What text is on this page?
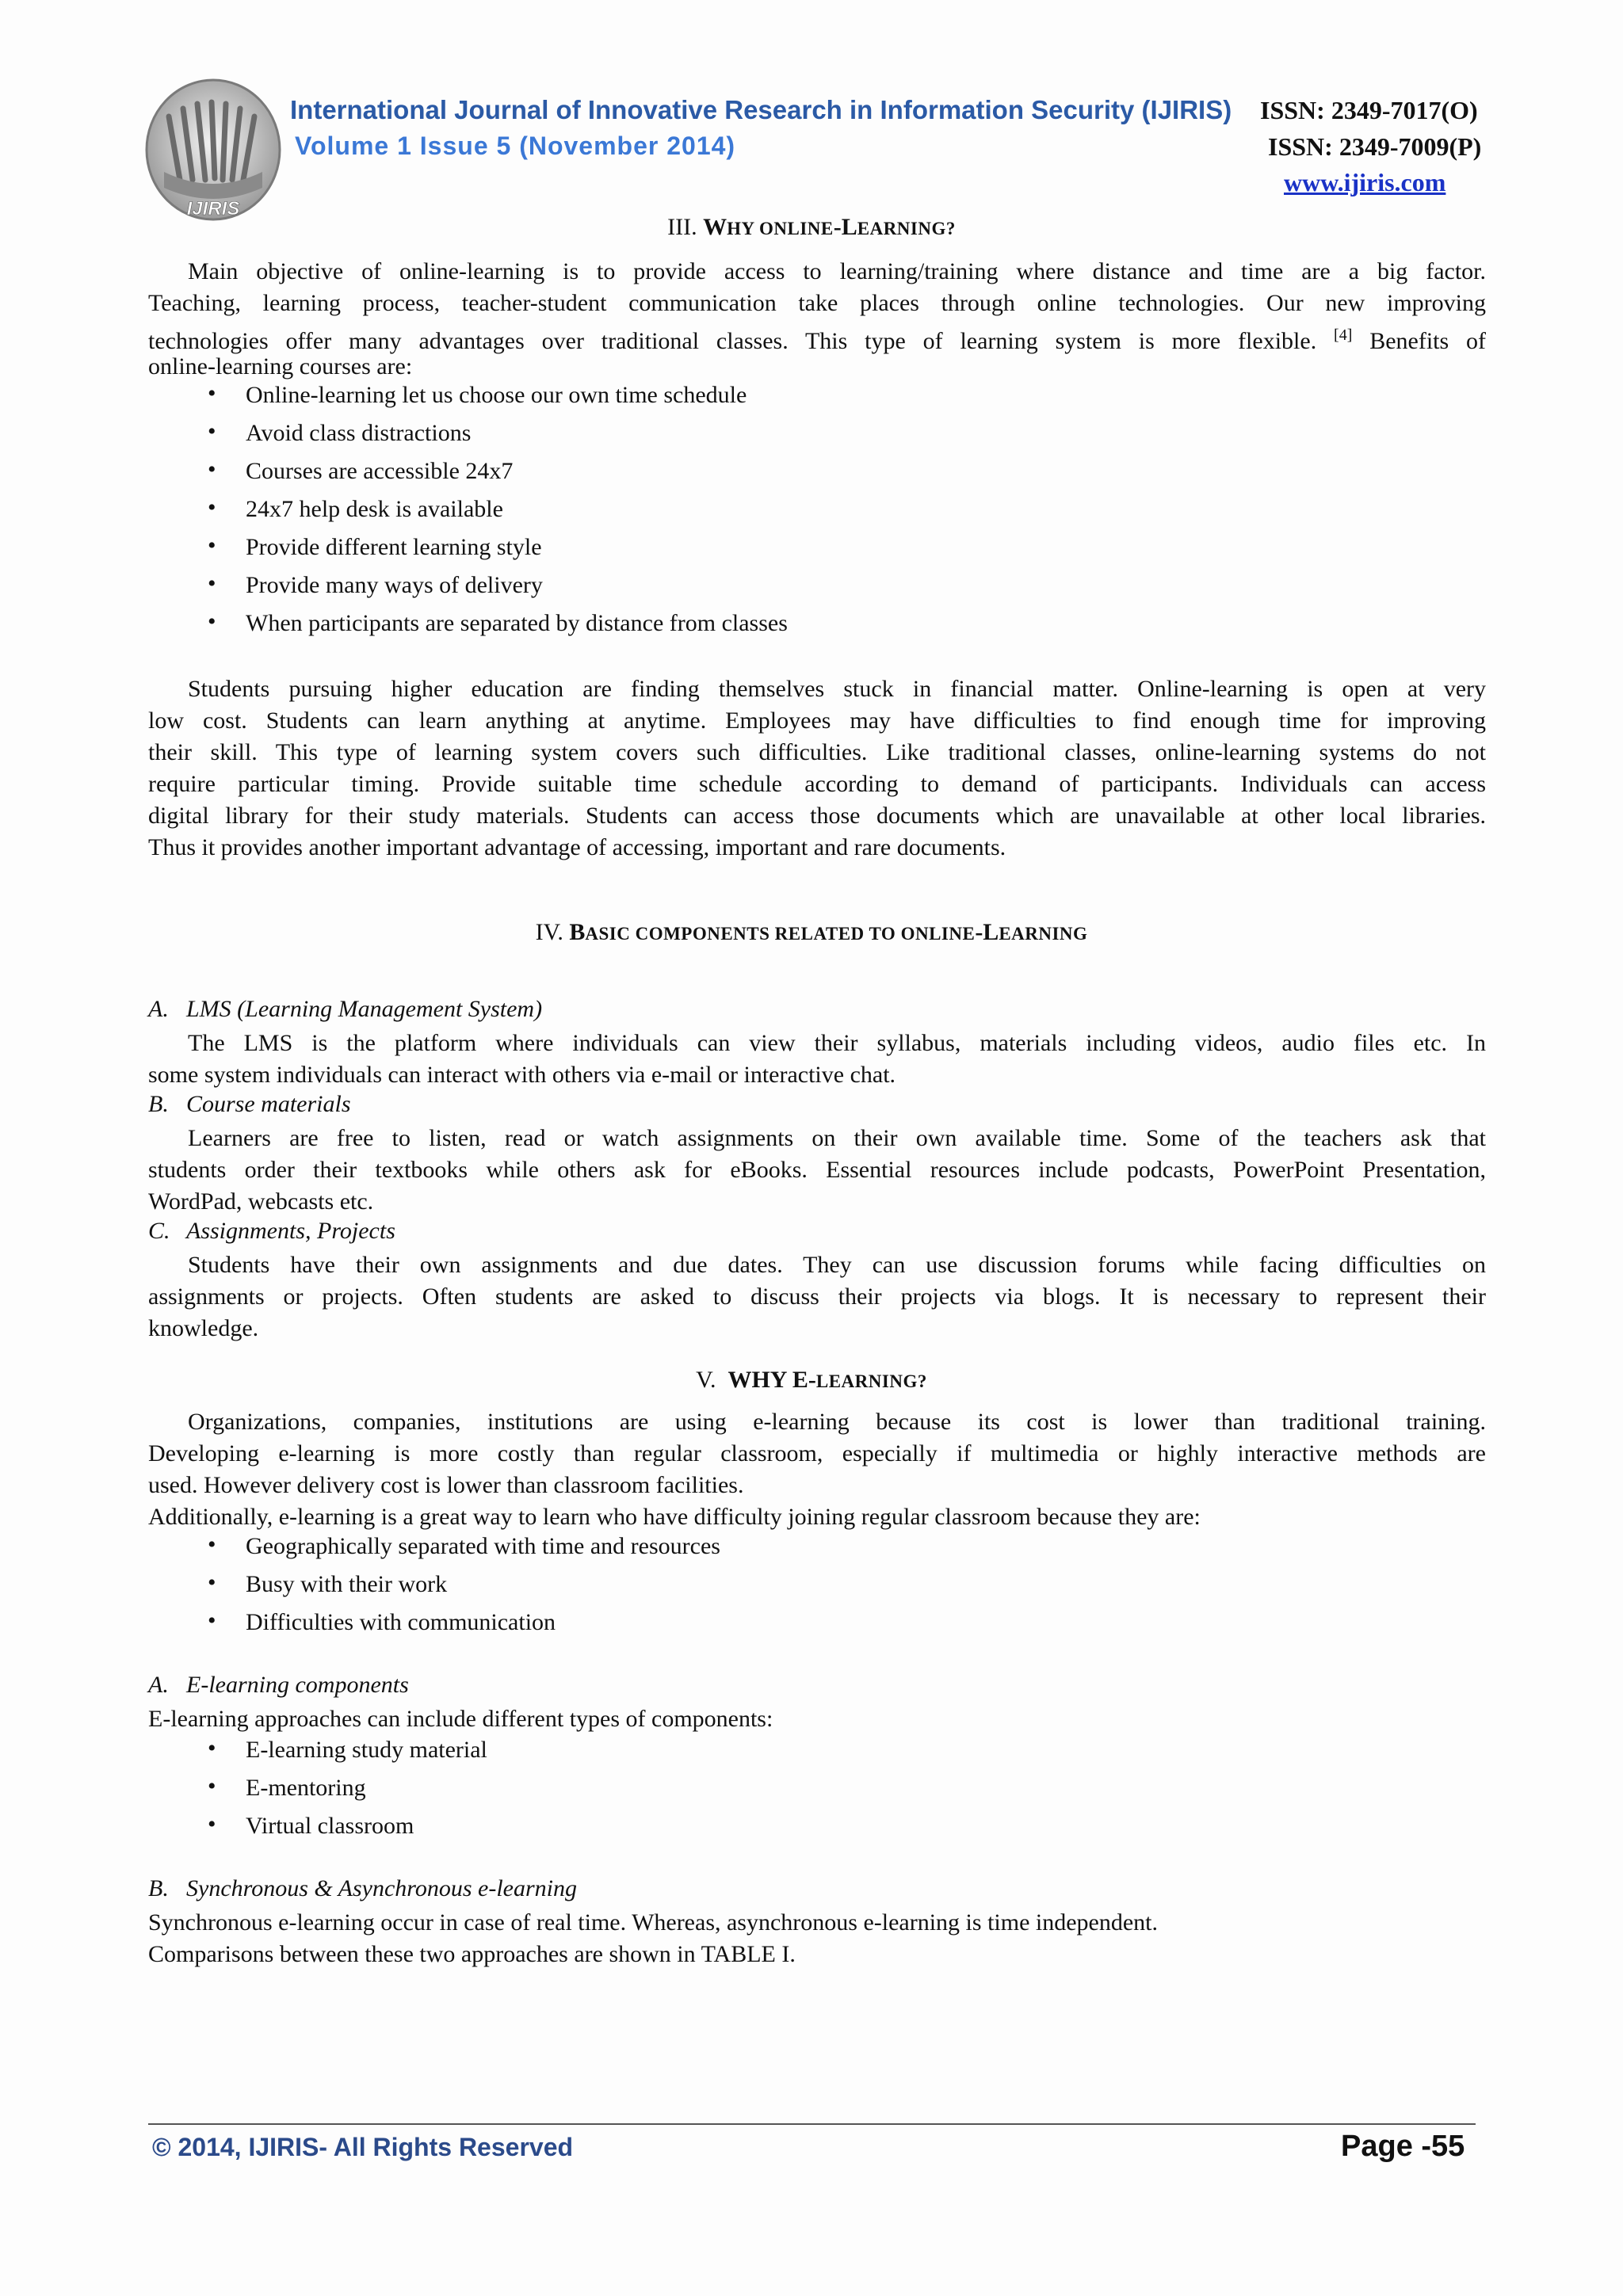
IJIRIS
International Journal of Innovative Research in Information Security (IJIRIS) ISSN: 2349-7017(O)
Volume 1 Issue 5 (November 2014)	ISSN: 2349-7009(P)
www.ijiris.com
III. WHY ONLINE-LEARNING?
Main objective of online-learning is to provide access to learning/training where distance and time are a big factor.
Teaching, learning process, teacher-student communication take places through online technologies. Our new improving
technologies offer many advantages over traditional classes. This type of learning system is more flexible. [4] Benefits of
online-learning courses are:
• Online-learning let us choose our own time schedule
• Avoid class distractions
• Courses are accessible 24x7
• 24x7 help desk is available
• Provide different learning style
• Provide many ways of delivery
• When participants are separated by distance from classes
Students pursuing higher education are finding themselves stuck in financial matter. Online-learning is open at very
low cost. Students can learn anything at anytime. Employees may have difficulties to find enough time for improving
their skill. This type of learning system covers such difficulties. Like traditional classes, online-learning systems do not
require particular timing. Provide suitable time schedule according to demand of participants. Individuals can access
digital library for their study materials. Students can access those documents which are unavailable at other local libraries.
Thus it provides another important advantage of accessing, important and rare documents.
IV. BASIC COMPONENTS RELATED TO ONLINE-LEARNING
A. LMS (Learning Management System)
The LMS is the platform where individuals can view their syllabus, materials including videos, audio files etc. In
some system individuals can interact with others via e-mail or interactive chat.
B. Course materials
Learners are free to listen, read or watch assignments on their own available time. Some of the teachers ask that
students order their textbooks while others ask for eBooks. Essential resources include podcasts, PowerPoint Presentation,
WordPad, webcasts etc.
C. Assignments, Projects
Students have their own assignments and due dates. They can use discussion forums while facing difficulties on
assignments or projects. Often students are asked to discuss their projects via blogs. It is necessary to represent their
knowledge.
V. WHY E-LEARNING?
Organizations, companies, institutions are using e-learning because its cost is lower than traditional training.
Developing e-learning is more costly than regular classroom, especially if multimedia or highly interactive methods are
used. However delivery cost is lower than classroom facilities.
Additionally, e-learning is a great way to learn who have difficulty joining regular classroom because they are:
• Geographically separated with time and resources
• Busy with their work
• Difficulties with communication
A. E-learning components
E-learning approaches can include different types of components:
• E-learning study material
• E-mentoring
• Virtual classroom
B. Synchronous & Asynchronous e-learning
Synchronous e-learning occur in case of real time. Whereas, asynchronous e-learning is time independent.
Comparisons between these two approaches are shown in TABLE I.
© 2014, IJIRIS- All Rights Reserved	Page -55
